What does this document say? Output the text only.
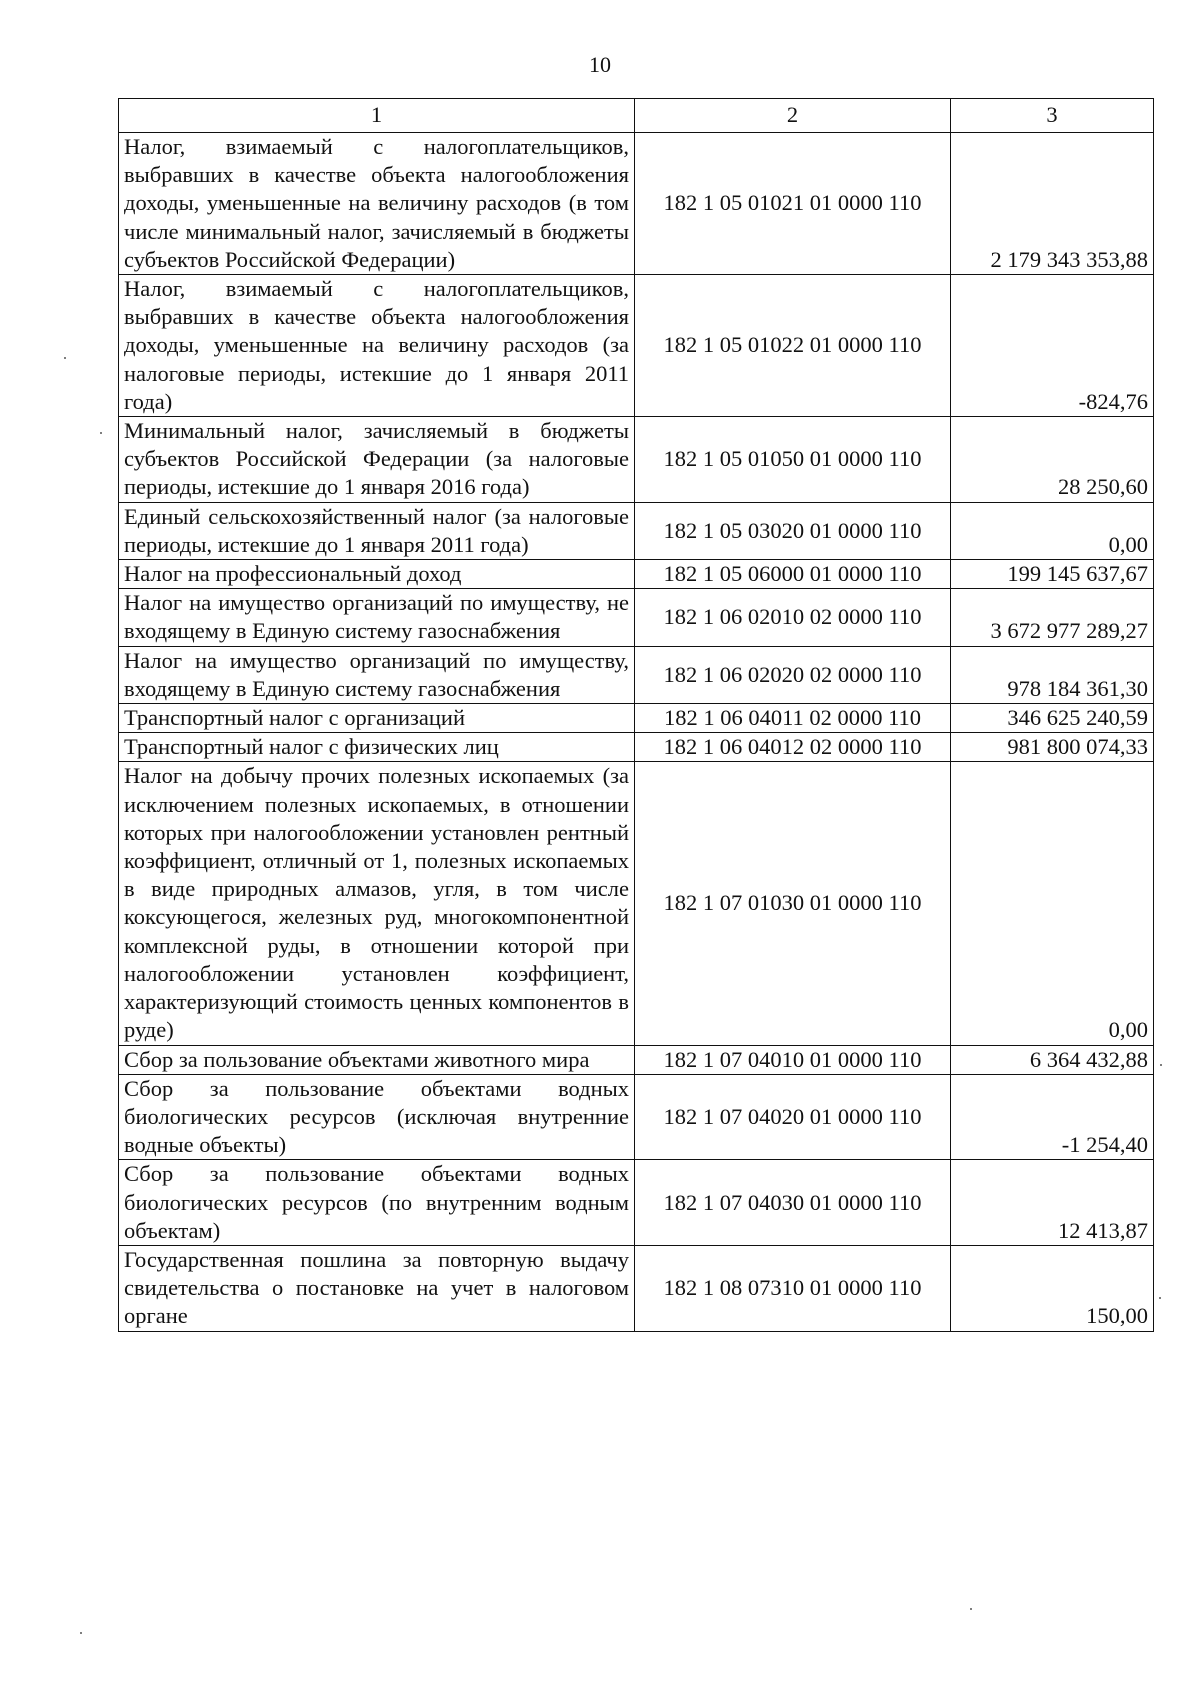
10
1	2	3
Налог, взимаемый с налогоплательщиков, выбравших в качестве объекта налогообложения доходы, уменьшенные на величину расходов (в том числе минимальный налог, зачисляемый в бюджеты субъектов Российской Федерации)	182 1 05 01021 01 0000 110	2 179 343 353,88
Налог, взимаемый с налогоплательщиков, выбравших в качестве объекта налогообложения доходы, уменьшенные на величину расходов (за налоговые периоды, истекшие до 1 января 2011 года)	182 1 05 01022 01 0000 110	-824,76
Минимальный налог, зачисляемый в бюджеты субъектов Российской Федерации (за налоговые периоды, истекшие до 1 января 2016 года)	182 1 05 01050 01 0000 110	28 250,60
Единый сельскохозяйственный налог (за налоговые периоды, истекшие до 1 января 2011 года)	182 1 05 03020 01 0000 110	0,00
Налог на профессиональный доход	182 1 05 06000 01 0000 110	199 145 637,67
Налог на имущество организаций по имуществу, не входящему в Единую систему газоснабжения	182 1 06 02010 02 0000 110	3 672 977 289,27
Налог на имущество организаций по имуществу, входящему в Единую систему газоснабжения	182 1 06 02020 02 0000 110	978 184 361,30
Транспортный налог с организаций	182 1 06 04011 02 0000 110	346 625 240,59
Транспортный налог с физических лиц	182 1 06 04012 02 0000 110	981 800 074,33
Налог на добычу прочих полезных ископаемых (за исключением полезных ископаемых, в отношении которых при налогообложении установлен рентный коэффициент, отличный от 1, полезных ископаемых в виде природных алмазов, угля, в том числе коксующегося, железных руд, многокомпонентной комплексной руды, в отношении которой при налогообложении установлен коэффициент, характеризующий стоимость ценных компонентов в руде)	182 1 07 01030 01 0000 110	0,00
Сбор за пользование объектами животного мира	182 1 07 04010 01 0000 110	6 364 432,88
Сбор за пользование объектами водных биологических ресурсов (исключая внутренние водные объекты)	182 1 07 04020 01 0000 110	-1 254,40
Сбор за пользование объектами водных биологических ресурсов (по внутренним водным объектам)	182 1 07 04030 01 0000 110	12 413,87
Государственная пошлина за повторную выдачу свидетельства о постановке на учет в налоговом органе	182 1 08 07310 01 0000 110	150,00
